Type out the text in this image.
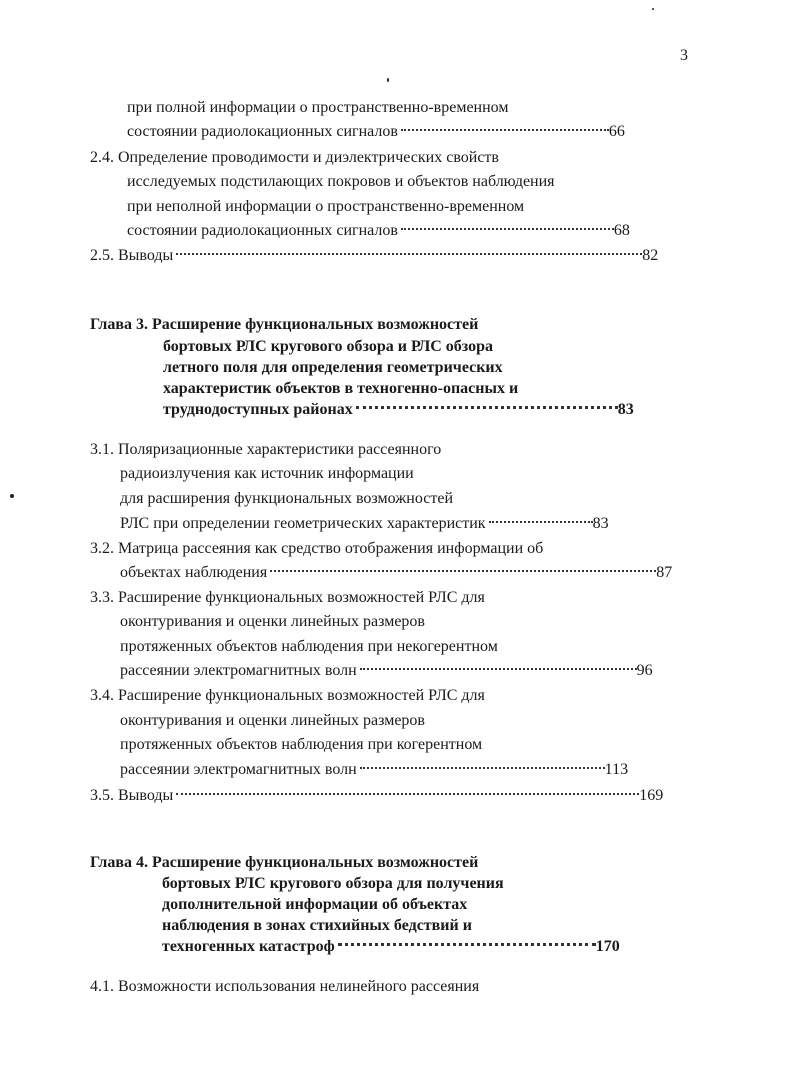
3
при полной информации о пространственно-временном
состоянии радиолокационных сигналов	66
2.4. Определение проводимости и диэлектрических свойств
исследуемых подстилающих покровов и объектов наблюдения
при неполной информации о пространственно-временном
состоянии радиолокационных сигналов	68
2.5. Выводы	82
Глава 3. Расширение функциональных возможностей
бортовых РЛС кругового обзора и РЛС обзора
летного поля для определения геометрических
характеристик объектов в техногенно-опасных и
труднодоступных районах	83
3.1. Поляризационные характеристики рассеянного
радиоизлучения как источник информации
для расширения функциональных возможностей
РЛС при определении геометрических характеристик	83
3.2. Матрица рассеяния как средство отображения информации об
объектах наблюдения	87
3.3. Расширение функциональных возможностей РЛС для
оконтуривания и оценки линейных размеров
протяженных объектов наблюдения при некогерентном
рассеянии электромагнитных волн	96
3.4. Расширение функциональных возможностей РЛС для
оконтуривания и оценки линейных размеров
протяженных объектов наблюдения при когерентном
рассеянии электромагнитных волн	113
3.5. Выводы	169
Глава 4. Расширение функциональных возможностей
бортовых РЛС кругового обзора для получения
дополнительной информации об объектах
наблюдения в зонах стихийных бедствий и
техногенных катастроф	170
4.1. Возможности использования нелинейного рассеяния
